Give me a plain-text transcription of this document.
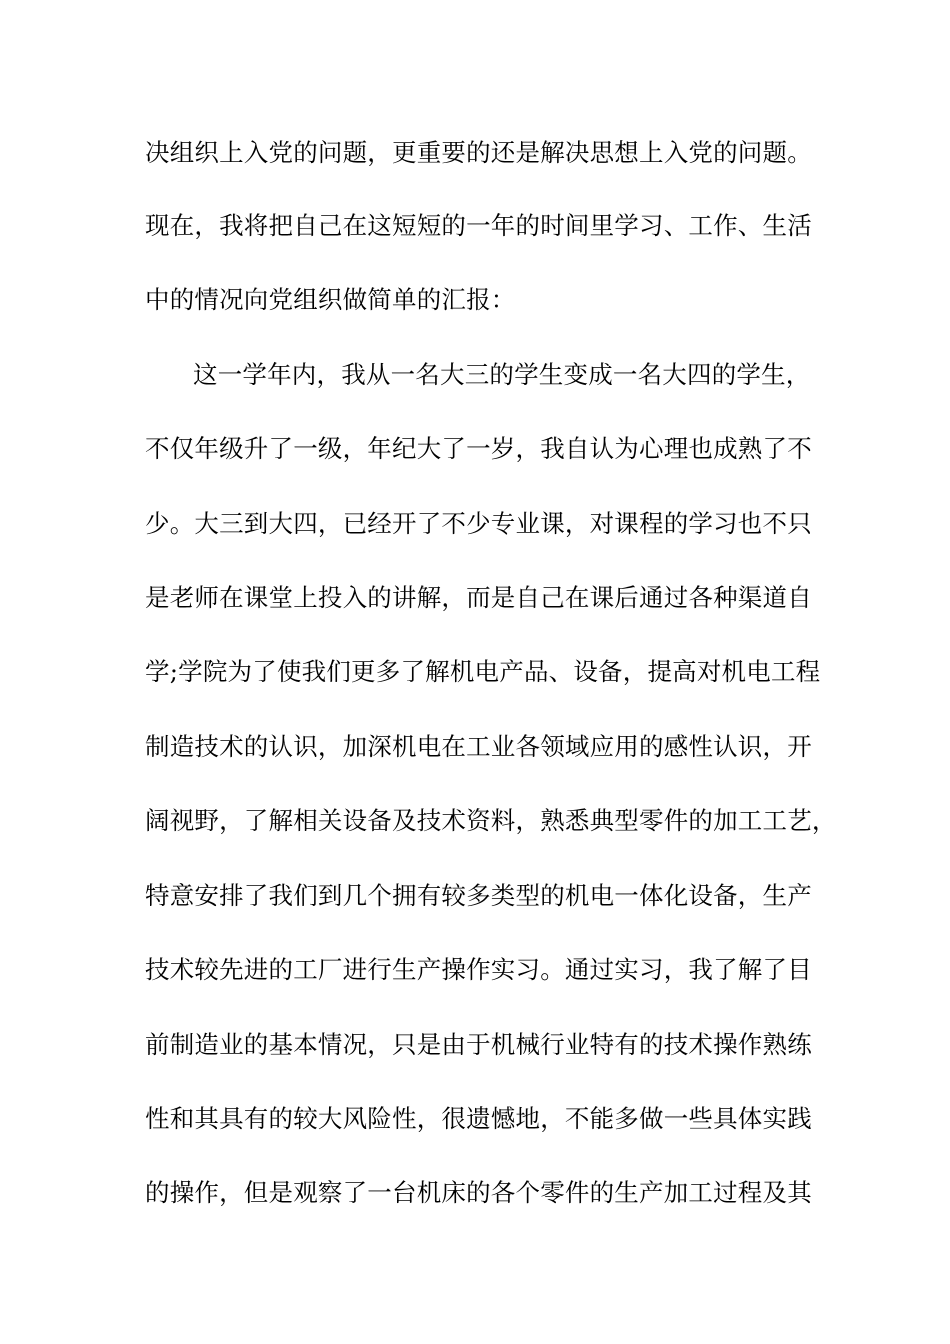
决组织上入党的问题，更重要的还是解决思想上入党的问题。
现在，我将把自己在这短短的一年的时间里学习、工作、生活
中的情况向党组织做简单的汇报：
这一学年内，我从一名大三的学生变成一名大四的学生，
不仅年级升了一级，年纪大了一岁，我自认为心理也成熟了不
少。大三到大四，已经开了不少专业课，对课程的学习也不只
是老师在课堂上投入的讲解，而是自己在课后通过各种渠道自
学;学院为了使我们更多了解机电产品、设备，提高对机电工程
制造技术的认识，加深机电在工业各领域应用的感性认识，开
阔视野，了解相关设备及技术资料，熟悉典型零件的加工工艺，
特意安排了我们到几个拥有较多类型的机电一体化设备，生产
技术较先进的工厂进行生产操作实习。通过实习，我了解了目
前制造业的基本情况，只是由于机械行业特有的技术操作熟练
性和其具有的较大风险性，很遗憾地，不能多做一些具体实践
的操作，但是观察了一台机床的各个零件的生产加工过程及其
